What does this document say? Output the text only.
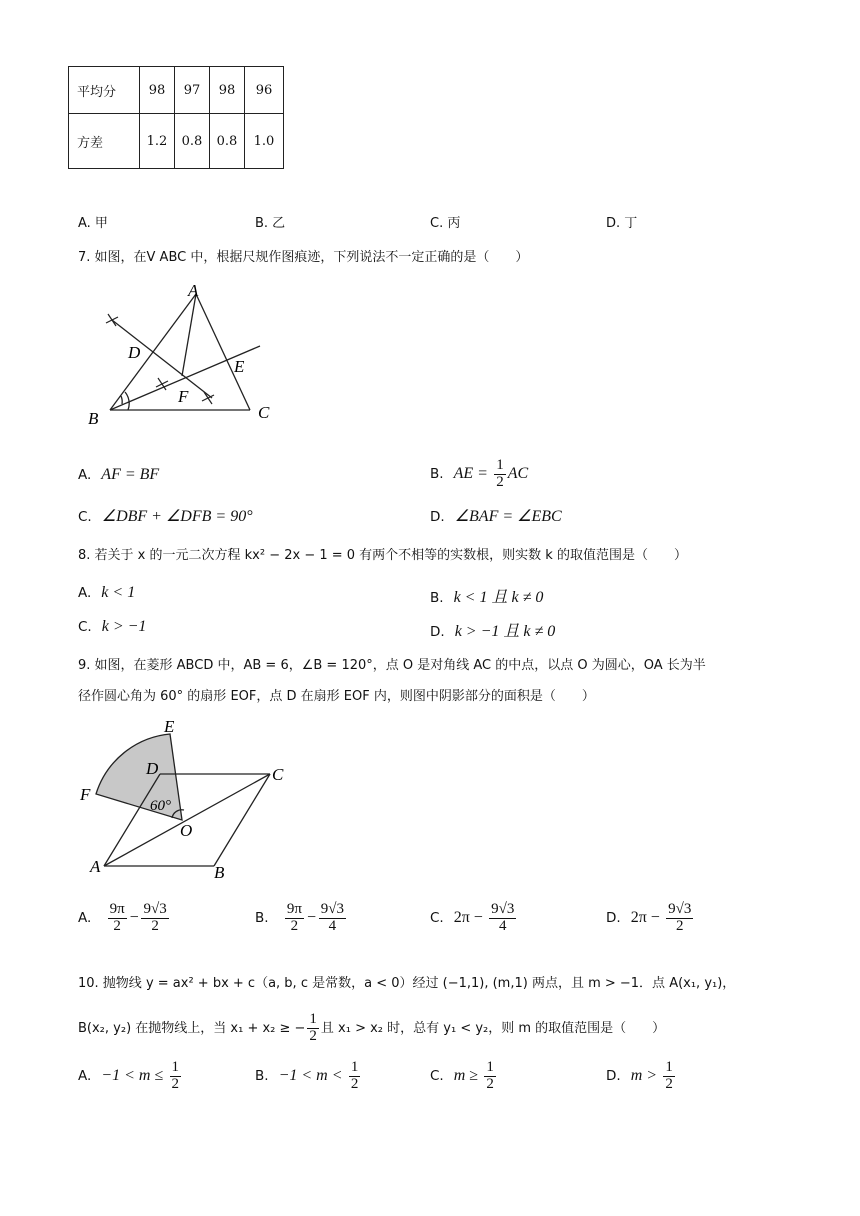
平均分	98	97	98	96
方差	1.2	0.8	0.8	1.0
A. 甲	B. 乙	C. 丙	D. 丁
7. 如图，在V ABC 中，根据尺规作图痕迹，下列说法不一定正确的是（　　）
A
B	C
D
E
F
A. AF = BF	B. AE = $\frac{1}{2}$ AC
C. ∠DBF + ∠DFB = 90°	D. ∠BAF = ∠EBC
8. 若关于 x 的一元二次方程 kx² − 2x − 1 = 0 有两个不相等的实数根，则实数 k 的取值范围是（　　）
A. k < 1	B. k < 1 且 k ≠ 0
C. k > −1	D. k > −1 且 k ≠ 0
9. 如图，在菱形 ABCD 中，AB = 6，∠B = 120°，点 O 是对角线 AC 的中点，以点 O 为圆心，OA 长为半
径作圆心角为 60° 的扇形 EOF，点 D 在扇形 EOF 内，则图中阴影部分的面积是（　　）
E
D
F
C
O
A	B
60°
A. $\frac{9\pi}{2} - \frac{9√3}{2}$	B. $\frac{9\pi}{2} - \frac{9√3}{4}$	C. $2\pi - \frac{9√3}{4}$	D. $2\pi - \frac{9√3}{2}$
10. 抛物线 y = ax² + bx + c（a, b, c 是常数，a < 0）经过 (−1,1), (m,1) 两点，且 m > −1．点 A(x₁, y₁)，
B(x₂, y₂) 在抛物线上，当 x₁ + x₂ ≥ − $\frac{1}{2}$ 且 x₁ > x₂ 时，总有 y₁ < y₂，则 m 的取值范围是（　　）
A. $-1 < m \le \frac{1}{2}$	B. $-1 < m < \frac{1}{2}$	C. $m \ge \frac{1}{2}$	D. $m > \frac{1}{2}$
